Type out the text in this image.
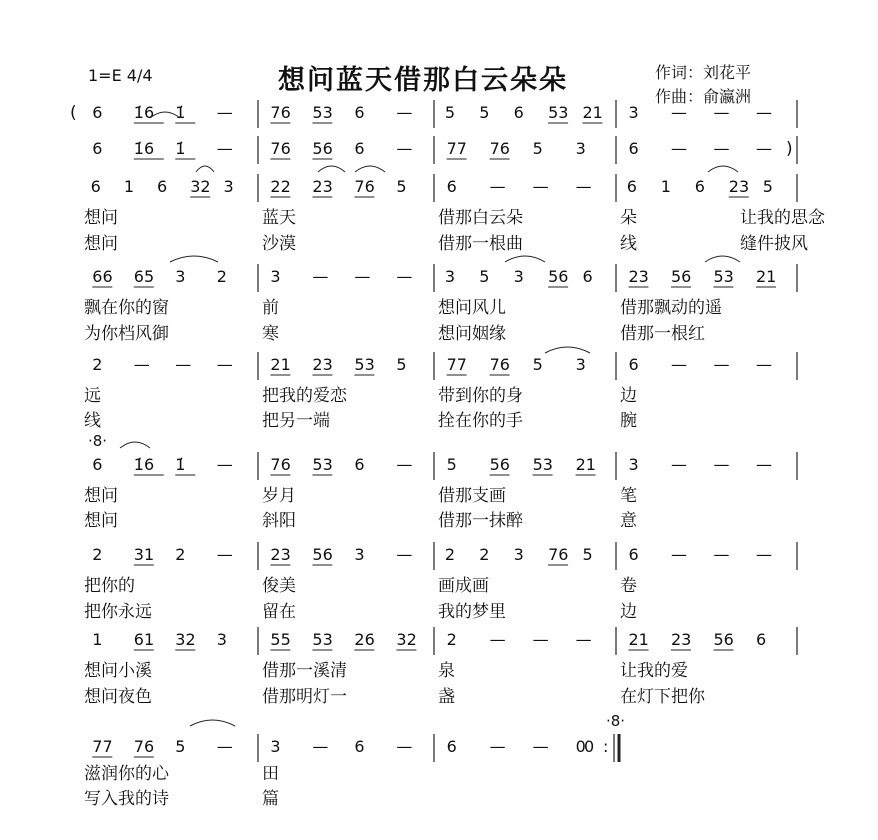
1=E 4/4	想问蓝天借那白云朵朵	作词：刘花平
作曲：俞瀛洲
6 1̇6 1̇ — 76 53 6 — 5 5 6 53 21 3 — — —
6 1̇6 1̇ — 76 56 6 — 77 76 5 3	6 — — —
6 1 6 32 3 22 23 76 5	6 — — — 6 1 6 23 5
想问	蓝天	借那白云朵	朵	让我的思念
想问	沙漠	借那一根曲	线	缝件披风
66 65 3 2	3 — — — 3 5 3 56 6 23 56 53 21
飘在你的窗	前	想问风儿	借那飘动的遥
为你档风御	寒	想问姻缘	借那一根红
2 — — — 21 23 53 5	77 76 5 3	6 — — —
远	把我的爱恋	带到你的身	边
线	把另一端	拴在你的手	腕
6 1̇6 1̇ — 76 53 6 — 5 56 53 21 3 — — —
想问	岁月	借那支画	笔
想问	斜阳	借那一抹醉	意
2 31 2 — 23 56 3 — 2 2 3 76 5 6 — — —
把你的	俊美	画成画	卷
把你永远	留在	我的梦里	边
1 61 32 3	55 53 26 32 2 — — — 21 23 56 6
想问小溪	借那一溪清	泉	让我的爱
想问夜色	借那明灯一	盏	在灯下把你
77 76 5 — 3 — 6 — 6 — — 0
滋润你的心	田
写入我的诗	篇
(
)
·8·
·8·
0 :
